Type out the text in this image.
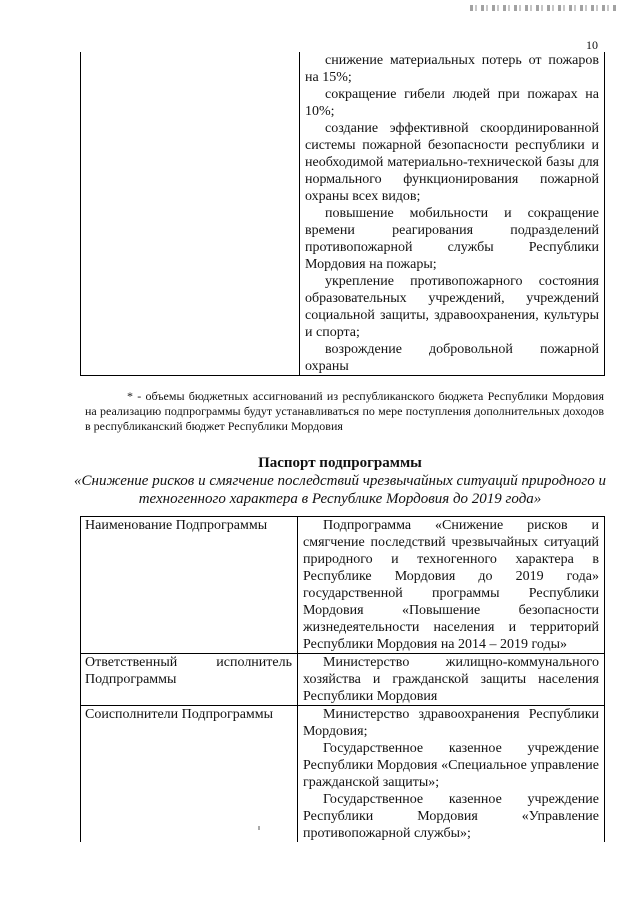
10

снижение материальных потерь от пожаров на 15%;

сокращение гибели людей при пожарах на 10%;

создание эффективной скоординированной системы пожарной безопасности республики и необходимой материально-технической базы для нормального функционирования пожарной охраны всех видов;

повышение мобильности и сокращение времени реагирования подразделений противопожарной службы Республики Мордовия на пожары;

укрепление противопожарного состояния образовательных учреждений, учреждений социальной защиты, здравоохранения, культуры и спорта;

возрождение добровольной пожарной охраны

* - объемы бюджетных ассигнований из республиканского бюджета Республики Мордовия на реализацию подпрограммы будут устанавливаться по мере поступления дополнительных доходов в республиканский бюджет Республики Мордовия

Паспорт подпрограммы
«Снижение рисков и смягчение последствий чрезвычайных ситуаций природного и техногенного характера в Республике Мордовия до 2019 года»

Наименование Подпрограммы	Подпрограмма «Снижение рисков и смягчение последствий чрезвычайных ситуаций природного и техногенного характера в Республике Мордовия до 2019 года» государственной программы Республики Мордовия «Повышение безопасности жизнедеятельности населения и территорий Республики Мордовия на 2014 – 2019 годы»

Ответственный исполнитель Подпрограммы	Министерство жилищно-коммунального хозяйства и гражданской защиты населения Республики Мордовия

Соисполнители Подпрограммы	Министерство здравоохранения Республики Мордовия;

Государственное казенное учреждение Республики Мордовия «Специальное управление гражданской защиты»;

Государственное казенное учреждение Республики Мордовия «Управление противопожарной службы»;
